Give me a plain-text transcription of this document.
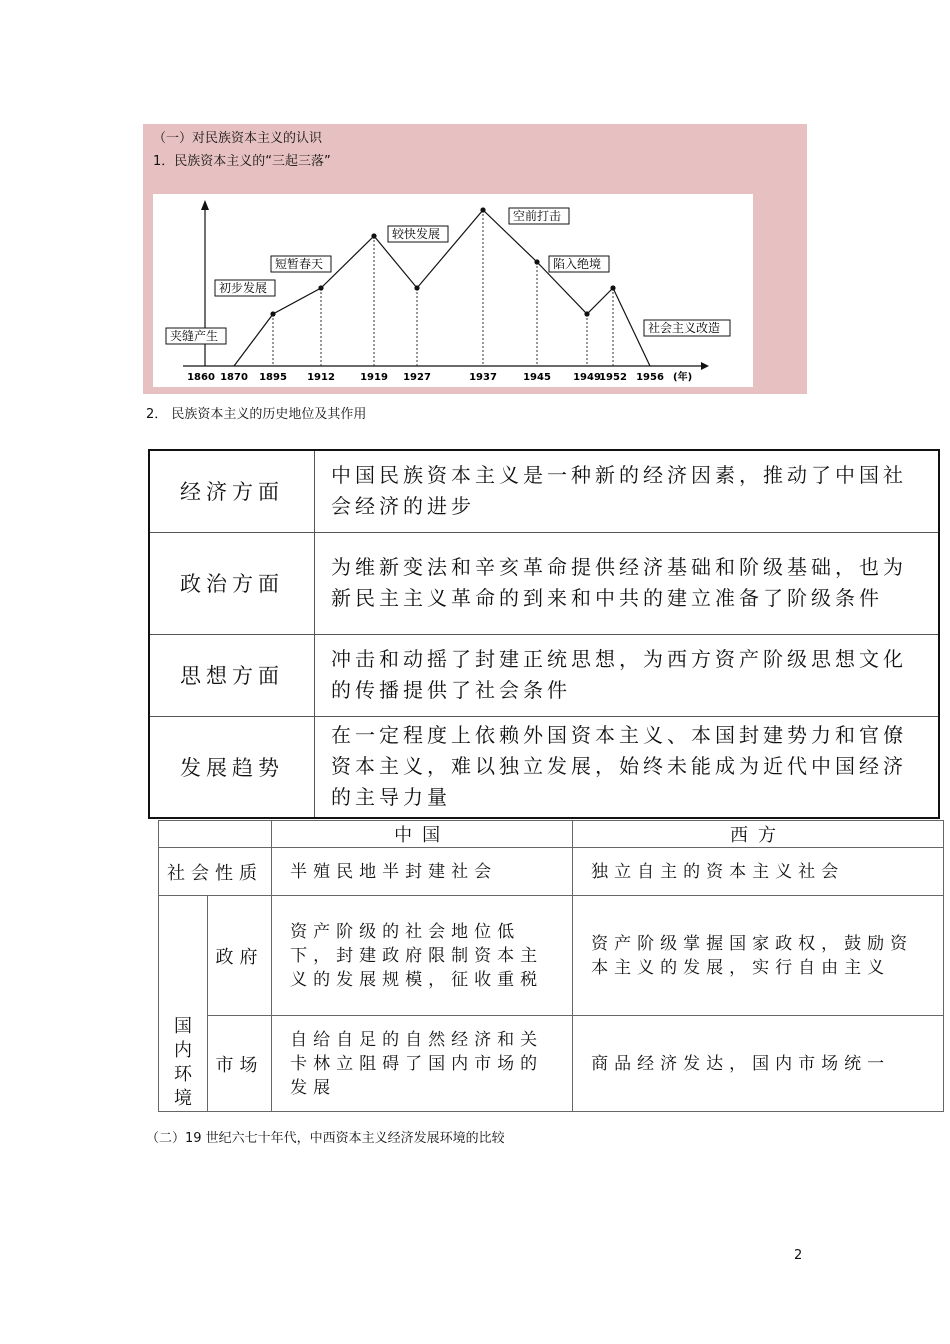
（一）对民族资本主义的认识
1．民族资本主义的“三起三落”
1860 1870 1895 1912	1919 1927	1937	1945 1949
1952 1956 (年)
夹缝产生
初步发展
短暂春天
较快发展
空前打击
陷入绝境
社会主义改造
2． 民族资本主义的历史地位及其作用
经济方面	中国民族资本主义是一种新的经济因素，推动了中国社会经济的进步
政治方面	为维新变法和辛亥革命提供经济基础和阶级基础，也为新民主主义革命的到来和中共的建立准备了阶级条件
思想方面	冲击和动摇了封建正统思想，为西方资产阶级思想文化的传播提供了社会条件
发展趋势	在一定程度上依赖外国资本主义、本国封建势力和官僚资本主义，难以独立发展，始终未能成为近代中国经济的主导力量
		中国	西方
社会性质		半殖民地半封建社会	独立自主的资本主义社会

国
内
环
境	政府	资产阶级的社会地位低下，封建政府限制资本主义的发展规模，征收重税	资产阶级掌握国家政权，鼓励资本主义的发展，实行自由主义
	市场	自给自足的自然经济和关卡林立阻碍了国内市场的发展	商品经济发达，国内市场统一
（二）19 世纪六七十年代，中西资本主义经济发展环境的比较
2
